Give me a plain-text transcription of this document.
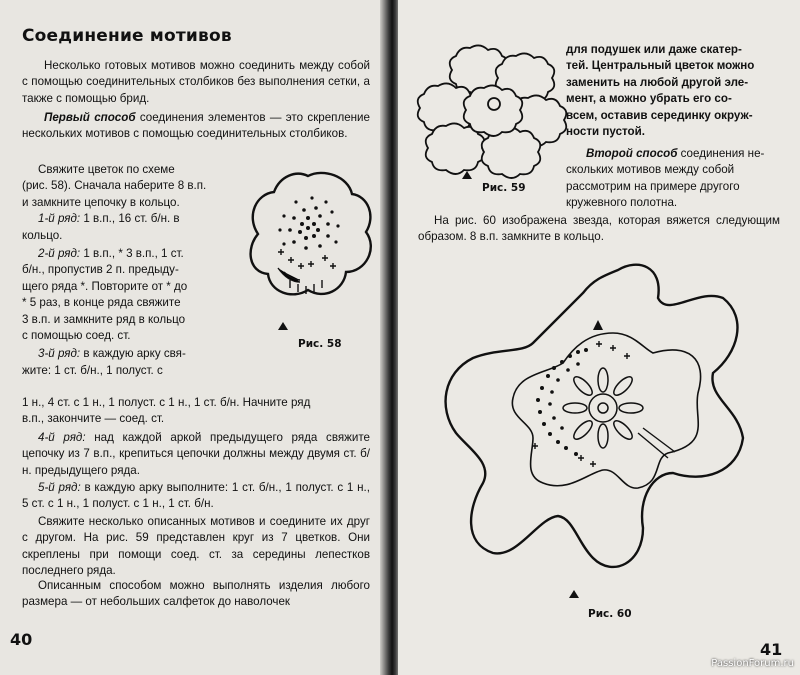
Соединение мотивов
Несколько готовых мотивов можно соединить между собой с помощью соединительных столбиков без выполнения сетки, а также с помощью брид.
Первый способ соединения элементов — это скрепление нескольких мотивов с помощью соединительных столбиков.
Свяжите цветок по схеме
(рис. 58). Сначала наберите 8 в.п.
и замкните цепочку в кольцо.
1-й ряд: 1 в.п., 16 ст. б/н. в
кольцо.
2-й ряд: 1 в.п., * 3 в.п., 1 ст.
б/н., пропустив 2 п. предыду-
щего ряда *. Повторите от * до
* 5 раз, в конце ряда свяжите
3 в.п. и замкните ряд в кольцо
с помощью соед. ст.
3-й ряд: в каждую арку свя-
жите: 1 ст. б/н., 1 полуст. с
1 н., 4 ст. с 1 н., 1 полуст. с 1 н., 1 ст. б/н. Начните ряд
в.п., закончите — соед. ст.
4-й ряд: над каждой аркой предыдущего ряда свяжите цепочку из 7 в.п., крепиться цепочки должны между двумя ст. б/н. предыдущего ряда.
5-й ряд: в каждую арку выполните: 1 ст. б/н., 1 полуст. с 1 н., 5 ст. с 1 н., 1 полуст. с 1 н., 1 ст. б/н.
Свяжите несколько описанных мотивов и соедините их друг с другом. На рис. 59 представлен круг из 7 цветков. Они скреплены при помощи соед. ст. за середины лепестков последнего ряда.
Описанным способом можно выполнять изделия любого размера — от небольших салфеток до наволочек
Рис. 58
40
Рис. 59
для подушек или даже скатер-
тей. Центральный цветок можно
заменить на любой другой эле-
мент, а можно убрать его со-
всем, оставив серединку окруж-
ности пустой.
Второй способ соединения не-
скольких мотивов между собой
рассмотрим на примере другого
кружевного полотна.
На рис. 60 изображена звезда, которая вяжется следующим образом. 8 в.п. замкните в кольцо.
Рис. 60
41
PassionForum.ru
